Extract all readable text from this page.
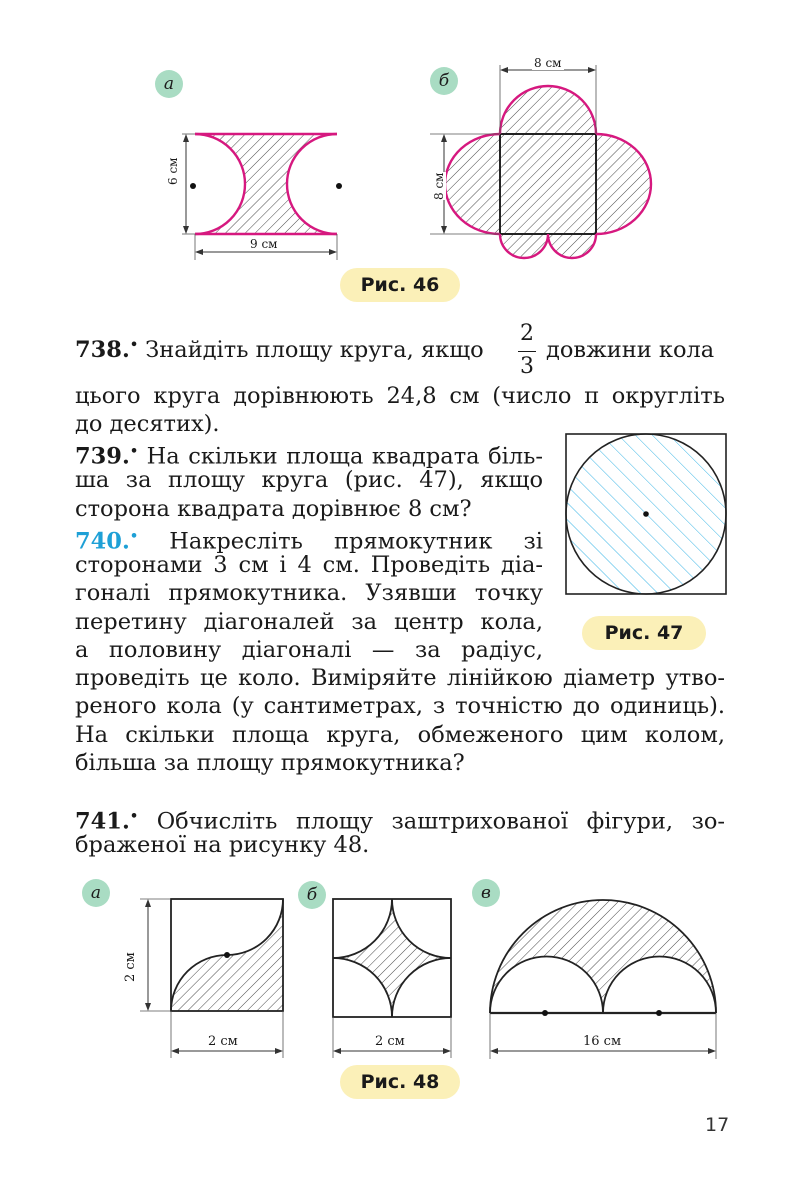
а	б
6 см
9 см
8 см
8 см
Рис. 46
738.• Знайдіть площу круга, якщо
2
3
довжини кола
цього круга дорівнюють 24,8 см (число π округліть
до десятих).
739.• На скільки площа квадрата біль-
ша за площу круга (рис. 47), якщо
сторона квадрата дорівнює 8 см?
740.• Накресліть прямокутник зі
сторонами 3 см і 4 см. Проведіть діа-
гоналі прямокутника. Узявши точку
перетину діагоналей за центр кола,
а половину діагоналі — за радіус,
проведіть це коло. Виміряйте лінійкою діаметр утво-
реного кола (у сантиметрах, з точністю до одиниць).
На скільки площа круга, обмеженого цим колом,
більша за площу прямокутника?
Рис. 47
741.• Обчисліть площу заштрихованої фігури, зо-
браженої на рисунку 48.
а	б	в
2 см
2 см	2 см	16 см
Рис. 48
17
